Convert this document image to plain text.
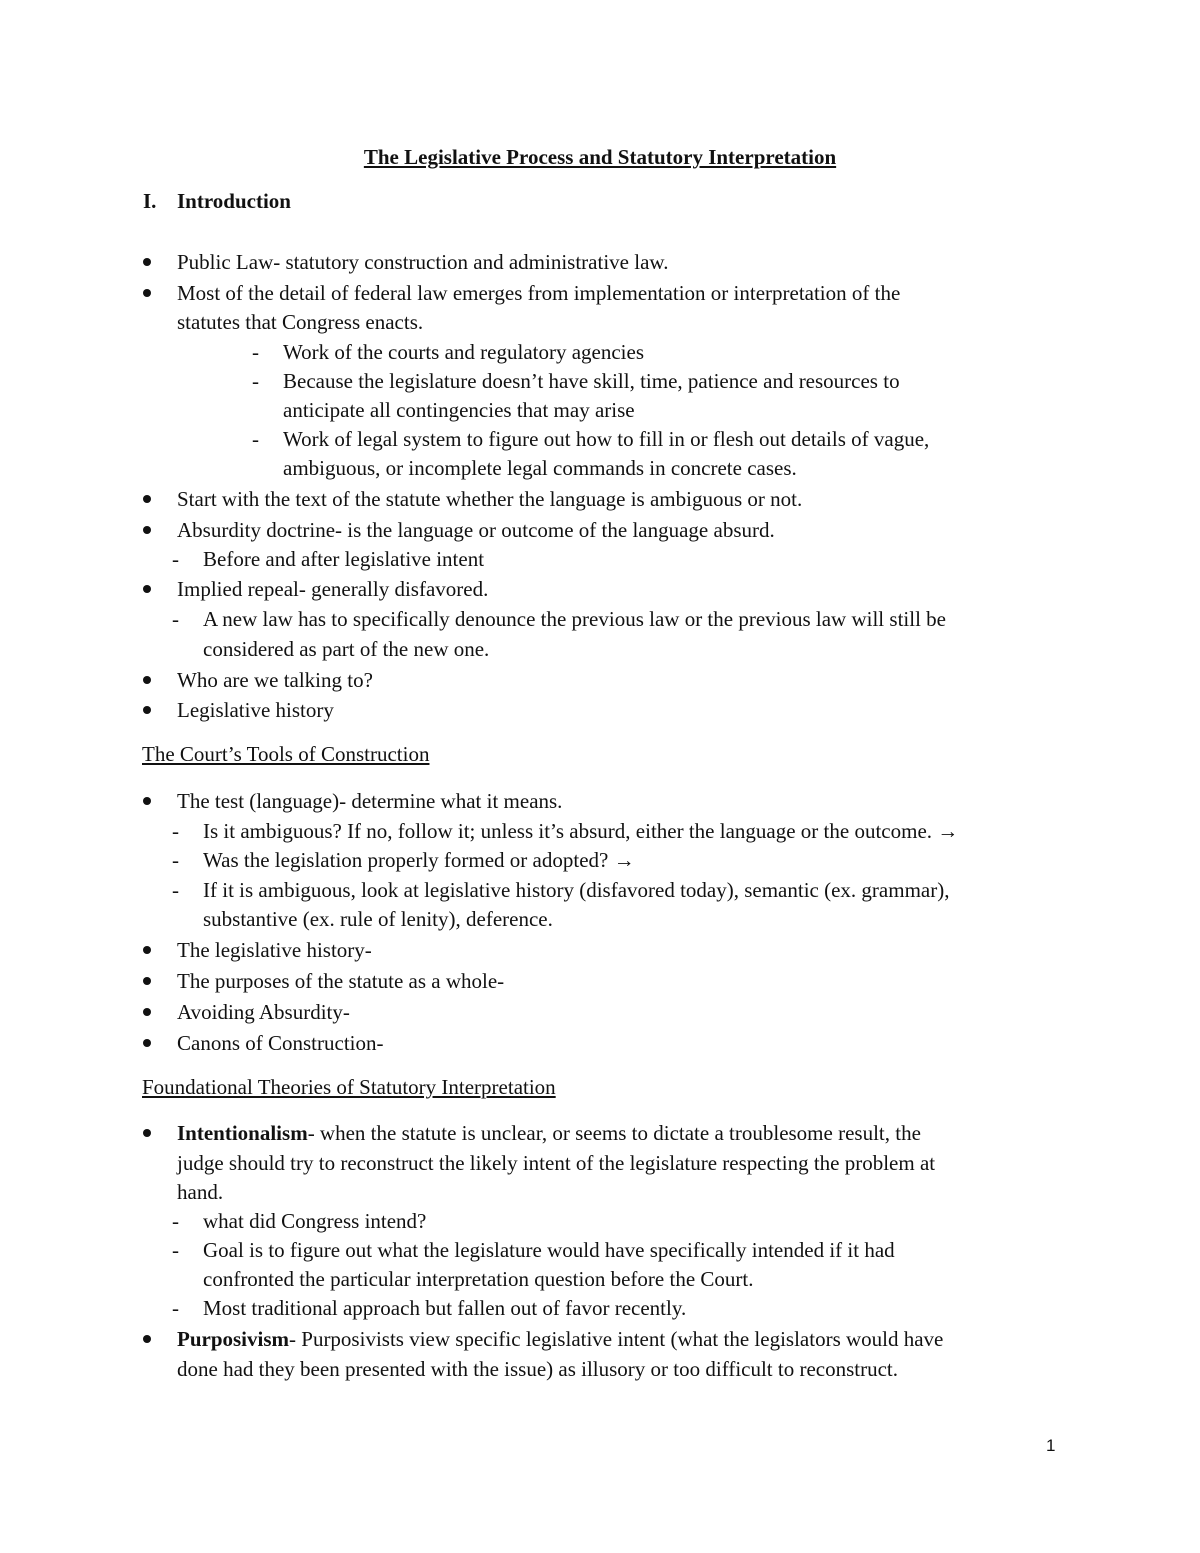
The Legislative Process and Statutory Interpretation
I. Introduction
Public Law- statutory construction and administrative law.
Most of the detail of federal law emerges from implementation or interpretation of the
statutes that Congress enacts.
- Work of the courts and regulatory agencies
- Because the legislature doesn’t have skill, time, patience and resources to
anticipate all contingencies that may arise
- Work of legal system to figure out how to fill in or flesh out details of vague,
ambiguous, or incomplete legal commands in concrete cases.
Start with the text of the statute whether the language is ambiguous or not.
Absurdity doctrine- is the language or outcome of the language absurd.
- Before and after legislative intent
Implied repeal- generally disfavored.
- A new law has to specifically denounce the previous law or the previous law will still be
considered as part of the new one.
Who are we talking to?
Legislative history
The Court’s Tools of Construction
The test (language)- determine what it means.
- Is it ambiguous? If no, follow it; unless it’s absurd, either the language or the outcome. →
- Was the legislation properly formed or adopted? →
- If it is ambiguous, look at legislative history (disfavored today), semantic (ex. grammar),
substantive (ex. rule of lenity), deference.
The legislative history-
The purposes of the statute as a whole-
Avoiding Absurdity-
Canons of Construction-
Foundational Theories of Statutory Interpretation
Intentionalism- when the statute is unclear, or seems to dictate a troublesome result, the
judge should try to reconstruct the likely intent of the legislature respecting the problem at
hand.
- what did Congress intend?
- Goal is to figure out what the legislature would have specifically intended if it had
confronted the particular interpretation question before the Court.
- Most traditional approach but fallen out of favor recently.
Purposivism- Purposivists view specific legislative intent (what the legislators would have
done had they been presented with the issue) as illusory or too difficult to reconstruct.
1
